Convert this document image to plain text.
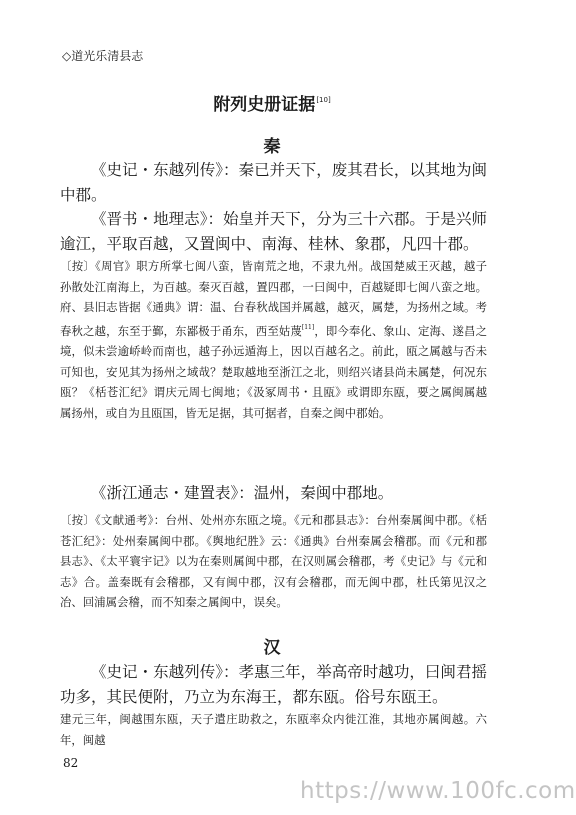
◇道光乐清县志
附列史册证据[10]
秦

《史记・东越列传》：秦已并天下，废其君长，以其地为闽中郡。

《晋书・地理志》：始皇并天下，分为三十六郡。于是兴师逾江，平取百越，又置闽中、南海、桂林、象郡，凡四十郡。

〔按〕《周官》职方所掌七闽八蛮，皆南荒之地，不隶九州。战国楚威王灭越，越子孙散处江南海上，为百越。秦灭百越，置四郡，一曰闽中，百越疑即七闽八蛮之地。府、县旧志皆据《通典》谓：温、台春秋战国并属越，越灭，属楚，为扬州之域。考春秋之越，东至于鄞，东鄙极于甬东，西至姑蔑[11]，即今奉化、象山、定海、遂昌之境，似未尝逾峤岭而南也，越子孙远遁海上，因以百越名之。前此，瓯之属越与否未可知也，安见其为扬州之域哉？楚取越地至浙江之北，则绍兴诸县尚未属楚，何况东瓯？《栝苍汇纪》谓庆元周七闽地；《汲冢周书・且瓯》或谓即东瓯，要之属闽属越属扬州，或自为且瓯国，皆无足据，其可据者，自秦之闽中郡始。

《浙江通志・建置表》：温州，秦闽中郡地。

〔按〕《文献通考》：台州、处州亦东瓯之境。《元和郡县志》：台州秦属闽中郡。《栝苍汇纪》：处州秦属闽中郡。《舆地纪胜》云：《通典》台州秦属会稽郡。而《元和郡县志》、《太平寰宇记》以为在秦则属闽中郡，在汉则属会稽郡，考《史记》与《元和志》合。盖秦既有会稽郡，又有闽中郡，汉有会稽郡，而无闽中郡，杜氏第见汉之冶、回浦属会稽，而不知秦之属闽中，误矣。

汉

《史记・东越列传》：孝惠三年，举高帝时越功，曰闽君摇功多，其民便附，乃立为东海王，都东瓯。俗号东瓯王。

建元三年，闽越围东瓯，天子遣庄助救之，东瓯率众内徙江淮，其地亦属闽越。六年，闽越

82
https://www.100fc.com
